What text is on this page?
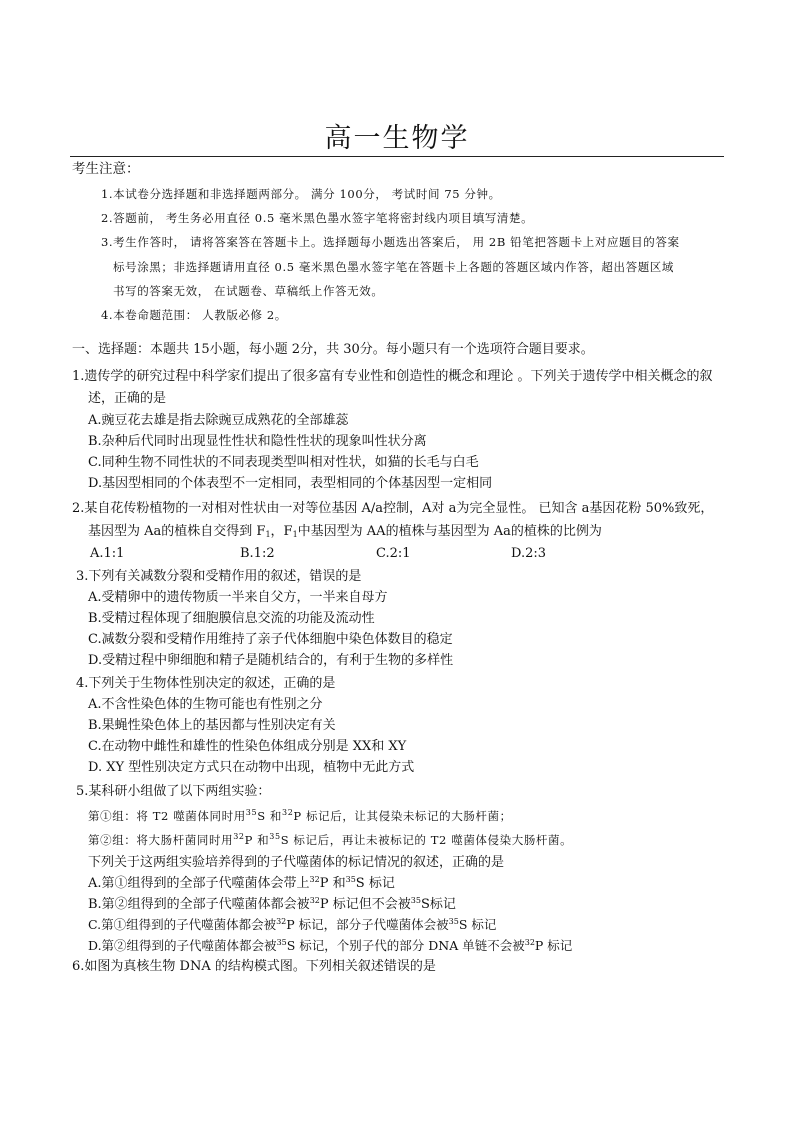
高一生物学
考生注意：
1.本试卷分选择题和非选择题两部分。 满分 100分， 考试时间 75 分钟。
2.答题前， 考生务必用直径 0.5 毫米黑色墨水签字笔将密封线内项目填写清楚。
3.考生作答时， 请将答案答在答题卡上。选择题每小题选出答案后， 用 2B 铅笔把答题卡上对应题目的答案
标号涂黑；非选择题请用直径 0.5 毫米黑色墨水签字笔在答题卡上各题的答题区域内作答，超出答题区域
书写的答案无效， 在试题卷、草稿纸上作答无效。
4.本卷命题范围： 人教版必修 2。
一、选择题：本题共 15小题，每小题 2分，共 30分。每小题只有一个选项符合题目要求。
1.遗传学的研究过程中科学家们提出了很多富有专业性和创造性的概念和理论 。下列关于遗传学中相关概念的叙
述，正确的是
A.豌豆花去雄是指去除豌豆成熟花的全部雄蕊
B.杂种后代同时出现显性性状和隐性性状的现象叫性状分离
C.同种生物不同性状的不同表现类型叫相对性状，如猫的长毛与白毛
D.基因型相同的个体表型不一定相同，表型相同的个体基因型一定相同
2.某自花传粉植物的一对相对性状由一对等位基因 A/a控制，A对 a为完全显性。 已知含 a基因花粉 50%致死，
基因型为 Aa的植株自交得到 $F_1$，$F_1$中基因型为 AA的植株与基因型为 Aa的植株的比例为
A.1:1	B.1:2	C.2:1	D.2:3
3.下列有关减数分裂和受精作用的叙述，错误的是
A.受精卵中的遗传物质一半来自父方，一半来自母方
B.受精过程体现了细胞膜信息交流的功能及流动性
C.减数分裂和受精作用维持了亲子代体细胞中染色体数目的稳定
D.受精过程中卵细胞和精子是随机结合的，有利于生物的多样性
4.下列关于生物体性别决定的叙述，正确的是
A.不含性染色体的生物可能也有性别之分
B.果蝇性染色体上的基因都与性别决定有关
C.在动物中雌性和雄性的性染色体组成分别是 XX和 XY
D. XY 型性别决定方式只在动物中出现，植物中无此方式
5.某科研小组做了以下两组实验：
第①组：将 T2 噬菌体同时用$^{35}$S 和$^{32}$P 标记后，让其侵染未标记的大肠杆菌；
第②组：将大肠杆菌同时用$^{32}$P 和$^{35}$S 标记后，再让未被标记的 T2 噬菌体侵染大肠杆菌。
下列关于这两组实验培养得到的子代噬菌体的标记情况的叙述，正确的是
A.第①组得到的全部子代噬菌体会带上$^{32}$P 和$^{35}$S 标记
B.第②组得到的全部子代噬菌体都会被$^{32}$P 标记但不会被$^{35}$S标记
C.第①组得到的子代噬菌体都会被$^{32}$P 标记，部分子代噬菌体会被$^{35}$S 标记
D.第②组得到的子代噬菌体都会被$^{35}$S 标记，个别子代的部分 DNA 单链不会被$^{32}$P 标记
6.如图为真核生物 DNA 的结构模式图。下列相关叙述错误的是
